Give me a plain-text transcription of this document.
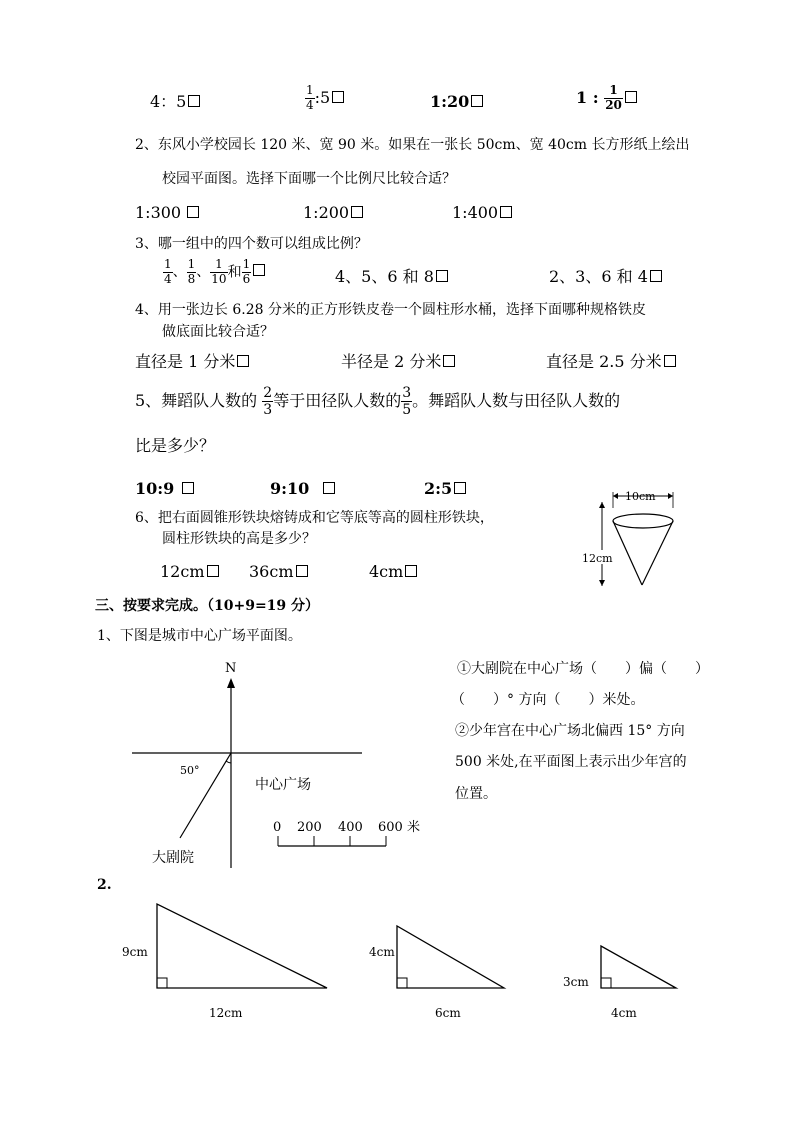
4：5	$\frac{1}{4}$ :5	1:20	1 : $\frac{1}{20}$
2、东风小学校园长 120 米、宽 90 米。如果在一张长 50cm、宽 40cm 长方形纸上绘出
校园平面图。选择下面哪一个比例尺比较合适？
1:300	1:200	1:400
3、哪一组中的四个数可以组成比例？
$\frac{1}{4}$ 、 $\frac{1}{8}$ 、 $\frac{1}{10}$ 和 $\frac{1}{6}$	4、5、6 和 8	2、3、6 和 4
4、用一张边长 6.28 分米的正方形铁皮卷一个圆柱形水桶，选择下面哪种规格铁皮
做底面比较合适？
直径是 1 分米	半径是 2 分米	直径是 2.5 分米
5、舞蹈队人数的 $\frac{2}{3}$ 等于田径队人数的 $\frac{3}{5}$ 。舞蹈队人数与田径队人数的
比是多少？
10:9	9:10	2:5
6、把右面圆锥形铁块熔铸成和它等底等高的圆柱形铁块，
圆柱形铁块的高是多少？
12cm	36cm	4cm
10cm
12cm
三、按要求完成。（10+9=19 分）
1、下图是城市中心广场平面图。
N
50°
中心广场
大剧院
0 200 400 600 米
①大剧院在中心广场（　　）偏（　　）
（　　）° 方向（　　）米处。
②少年宫在中心广场北偏西 15° 方向
500 米处,在平面图上表示出少年宫的
位置。
2.
9cm
12cm
4cm
6cm
3cm
4cm
